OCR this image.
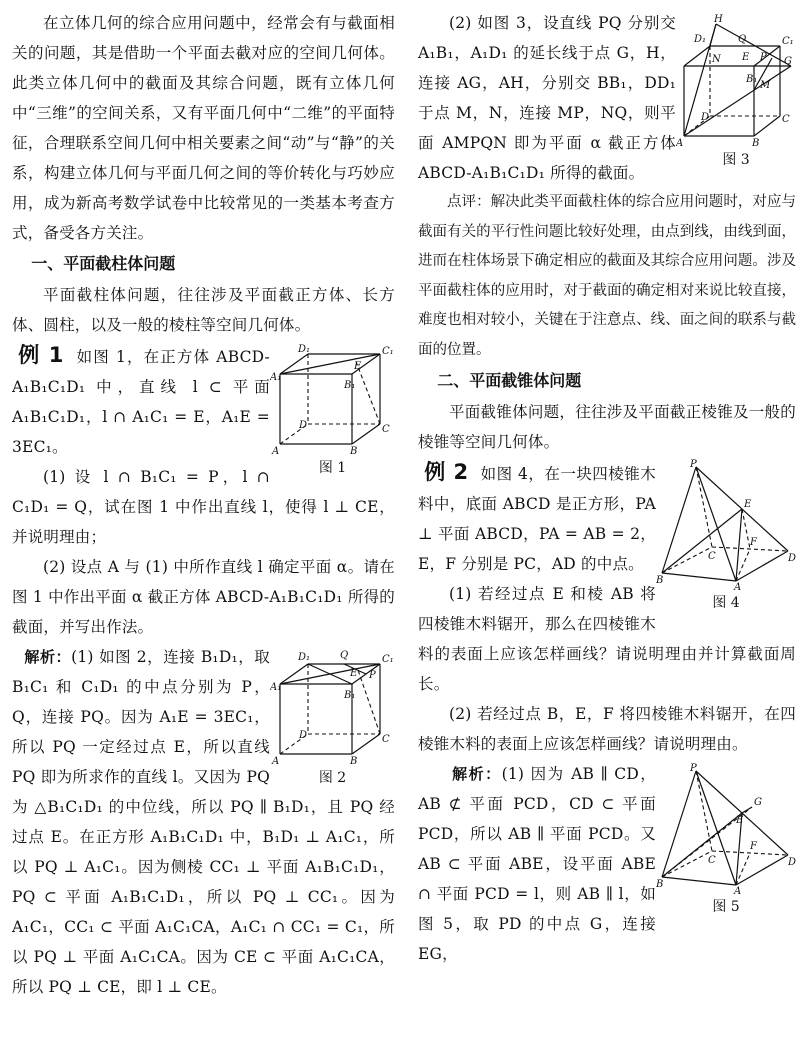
在立体几何的综合应用问题中，经常会有与截面相关的问题，其是借助一个平面去截对应的空间几何体。此类立体几何中的截面及其综合问题，既有立体几何中“三维”的空间关系，又有平面几何中“二维”的平面特征，合理联系空间几何中相关要素之间“动”与“静”的关系，构建立体几何与平面几何之间的等价转化与巧妙应用，成为新高考数学试卷中比较常见的一类基本考查方式，备受各方关注。

一、平面截柱体问题

平面截柱体问题，往往涉及平面截正方体、长方体、圆柱，以及一般的棱柱等空间几何体。

A₁
B₁
C₁
D₁
E
A	B
C
D
图 1

例 1 如图 1，在正方体 ABCD-A₁B₁C₁D₁ 中，直线 l ⊂ 平面 A₁B₁C₁D₁，l ∩ A₁C₁ = E，A₁E = 3EC₁。

(1) 设 l ∩ B₁C₁ = P，l ∩ C₁D₁ = Q，试在图 1 中作出直线 l，使得 l ⊥ CE，并说明理由；

(2) 设点 A 与 (1) 中所作直线 l 确定平面 α。请在图 1 中作出平面 α 截正方体 ABCD-A₁B₁C₁D₁ 所得的截面，并写出作法。

A₁
B₁
C₁
D₁	Q
P
E
A	B
C
D
图 2

解析：(1) 如图 2，连接 B₁D₁，取 B₁C₁ 和 C₁D₁ 的中点分别为 P，Q，连接 PQ。因为 A₁E = 3EC₁，所以 PQ 一定经过点 E，所以直线 PQ 即为所求作的直线 l。又因为 PQ 为 △B₁C₁D₁ 的中位线，所以 PQ ∥ B₁D₁，且 PQ 经过点 E。在正方形 A₁B₁C₁D₁ 中，B₁D₁ ⊥ A₁C₁，所以 PQ ⊥ A₁C₁。因为侧棱 CC₁ ⊥ 平面 A₁B₁C₁D₁，PQ ⊂ 平面 A₁B₁C₁D₁，所以 PQ ⊥ CC₁。因为 A₁C₁，CC₁ ⊂ 平面 A₁C₁CA，A₁C₁ ∩ CC₁ = C₁，所以 PQ ⊥ 平面 A₁C₁CA。因为 CE ⊂ 平面 A₁C₁CA，所以 PQ ⊥ CE，即 l ⊥ CE。

D₁
H
Q	C₁
G
P
E
B₁
N
M
A	B
C
D
图 3

(2) 如图 3，设直线 PQ 分别交 A₁B₁，A₁D₁ 的延长线于点 G，H，连接 AG，AH，分别交 BB₁，DD₁ 于点 M，N，连接 MP，NQ，则平面 AMPQN 即为平面 α 截正方体 ABCD-A₁B₁C₁D₁ 所得的截面。

点评：解决此类平面截柱体的综合应用问题时，对应与截面有关的平行性问题比较好处理，由点到线，由线到面，进而在柱体场景下确定相应的截面及其综合应用问题。涉及平面截柱体的应用时，对于截面的确定相对来说比较直接，难度也相对较小，关键在于注意点、线、面之间的联系与截面的位置。

二、平面截锥体问题

平面截锥体问题，往往涉及平面截正棱锥及一般的棱锥等空间几何体。

P
E
F
B
A
C	D
图 4

例 2 如图 4，在一块四棱锥木料中，底面 ABCD 是正方形，PA ⊥ 平面 ABCD，PA = AB = 2，E，F 分别是 PC，AD 的中点。

(1) 若经过点 E 和棱 AB 将四棱锥木料锯开，那么在四棱锥木料的表面上应该怎样画线？请说明理由并计算截面周长。

(2) 若经过点 B，E，F 将四棱锥木料锯开，在四棱锥木料的表面上应该怎样画线？请说明理由。

P
G
E
F
B
A
C	D
图 5

解析：(1) 因为 AB ∥ CD，AB ⊄ 平面 PCD，CD ⊂ 平面 PCD，所以 AB ∥ 平面 PCD。又 AB ⊂ 平面 ABE，设平面 ABE ∩ 平面 PCD = l，则 AB ∥ l，如图 5，取 PD 的中点 G，连接 EG，
